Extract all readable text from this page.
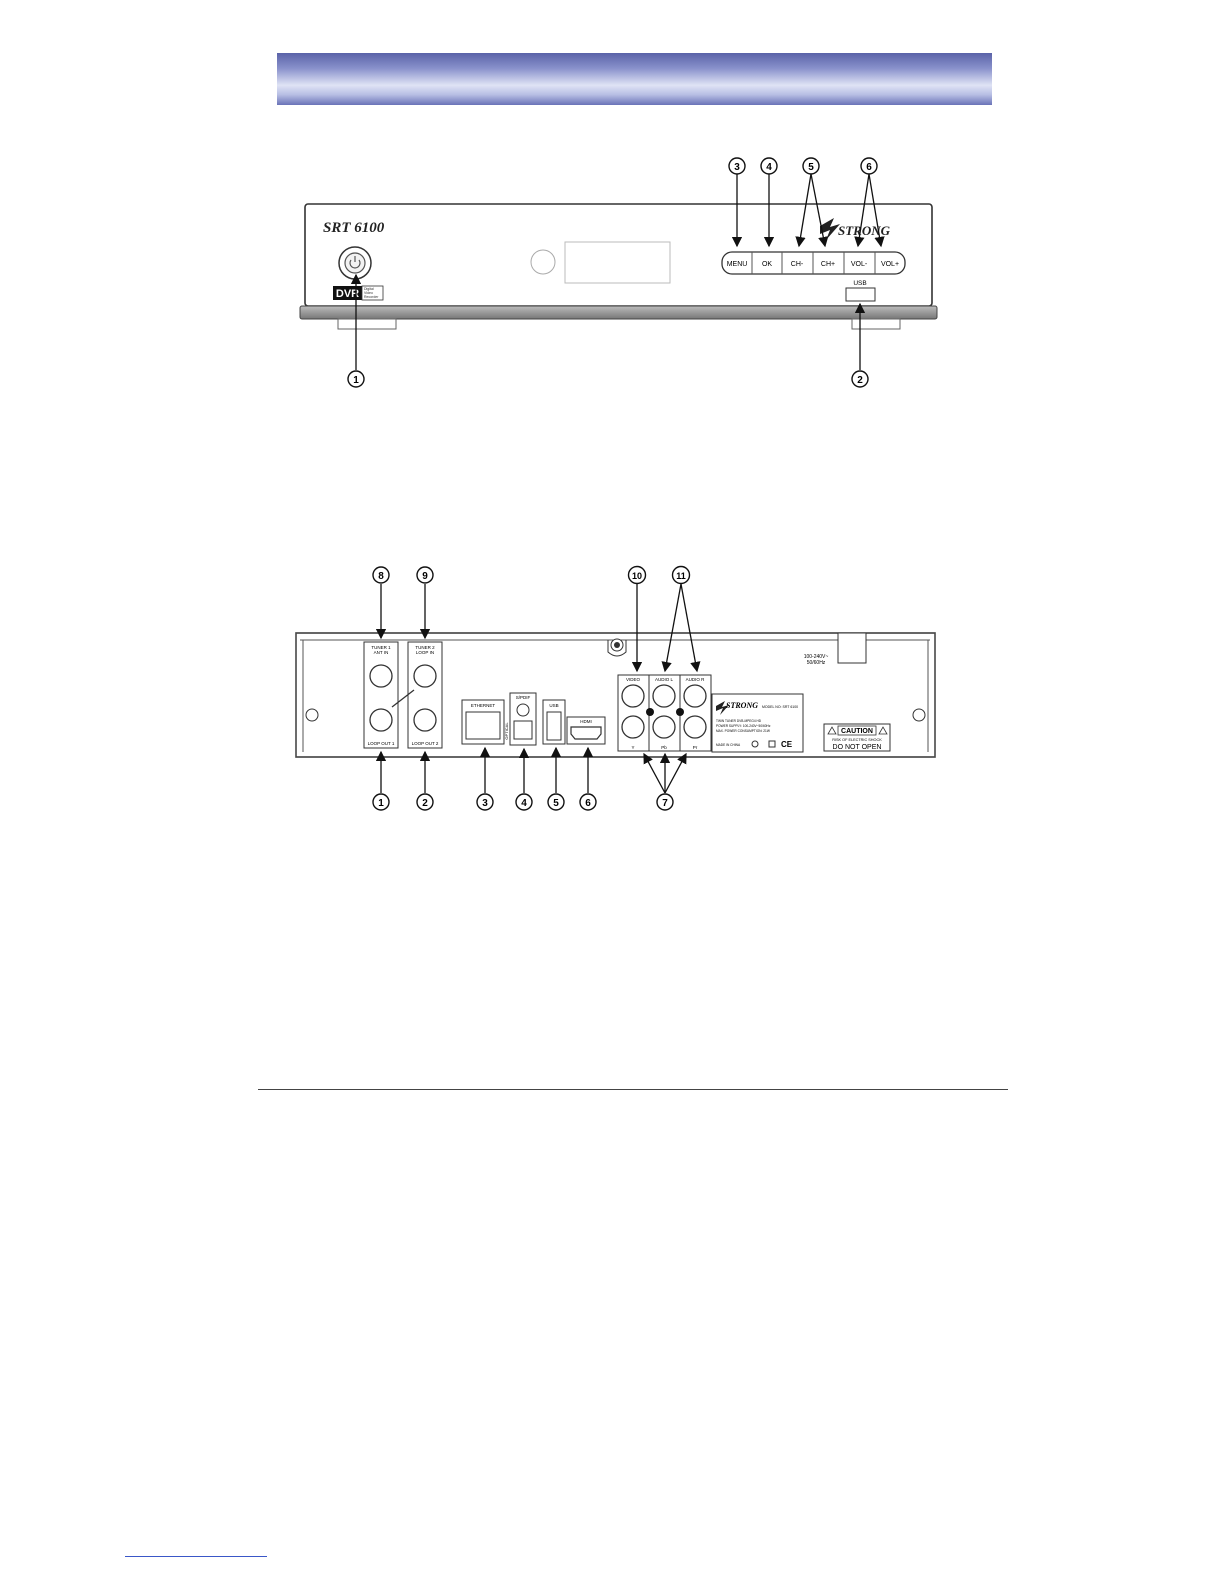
SRT 6100
DVR Digital
Video
Recorder
STRONG
MENU OK	CH-	CH+ VOL- VOL+
USB
3	4	5	6
1	2
TUNER 1
ANT IN
LOOP OUT 1
TUNER 2
LOOP IN
LOOP OUT 2
ETHERNET
S/PDIF
OPTICAL
USB
HDMI
VIDEO	AUDIO L	AUDIO R
Y	Pb	Pr
STRONG MODEL NO: SRT 6100
TWIN TUNER DVB-MPEG4 HD
POWER SUPPLY: 100-240V~50/60Hz
MAX. POWER CONSUMPTION: 21W
MADE IN CHINA	CE
100-240V~
50/60Hz
CAUTION
RISK OF ELECTRIC SHOCK
DO NOT OPEN
8	9	10	11
1	2	3	4	5	6	7
